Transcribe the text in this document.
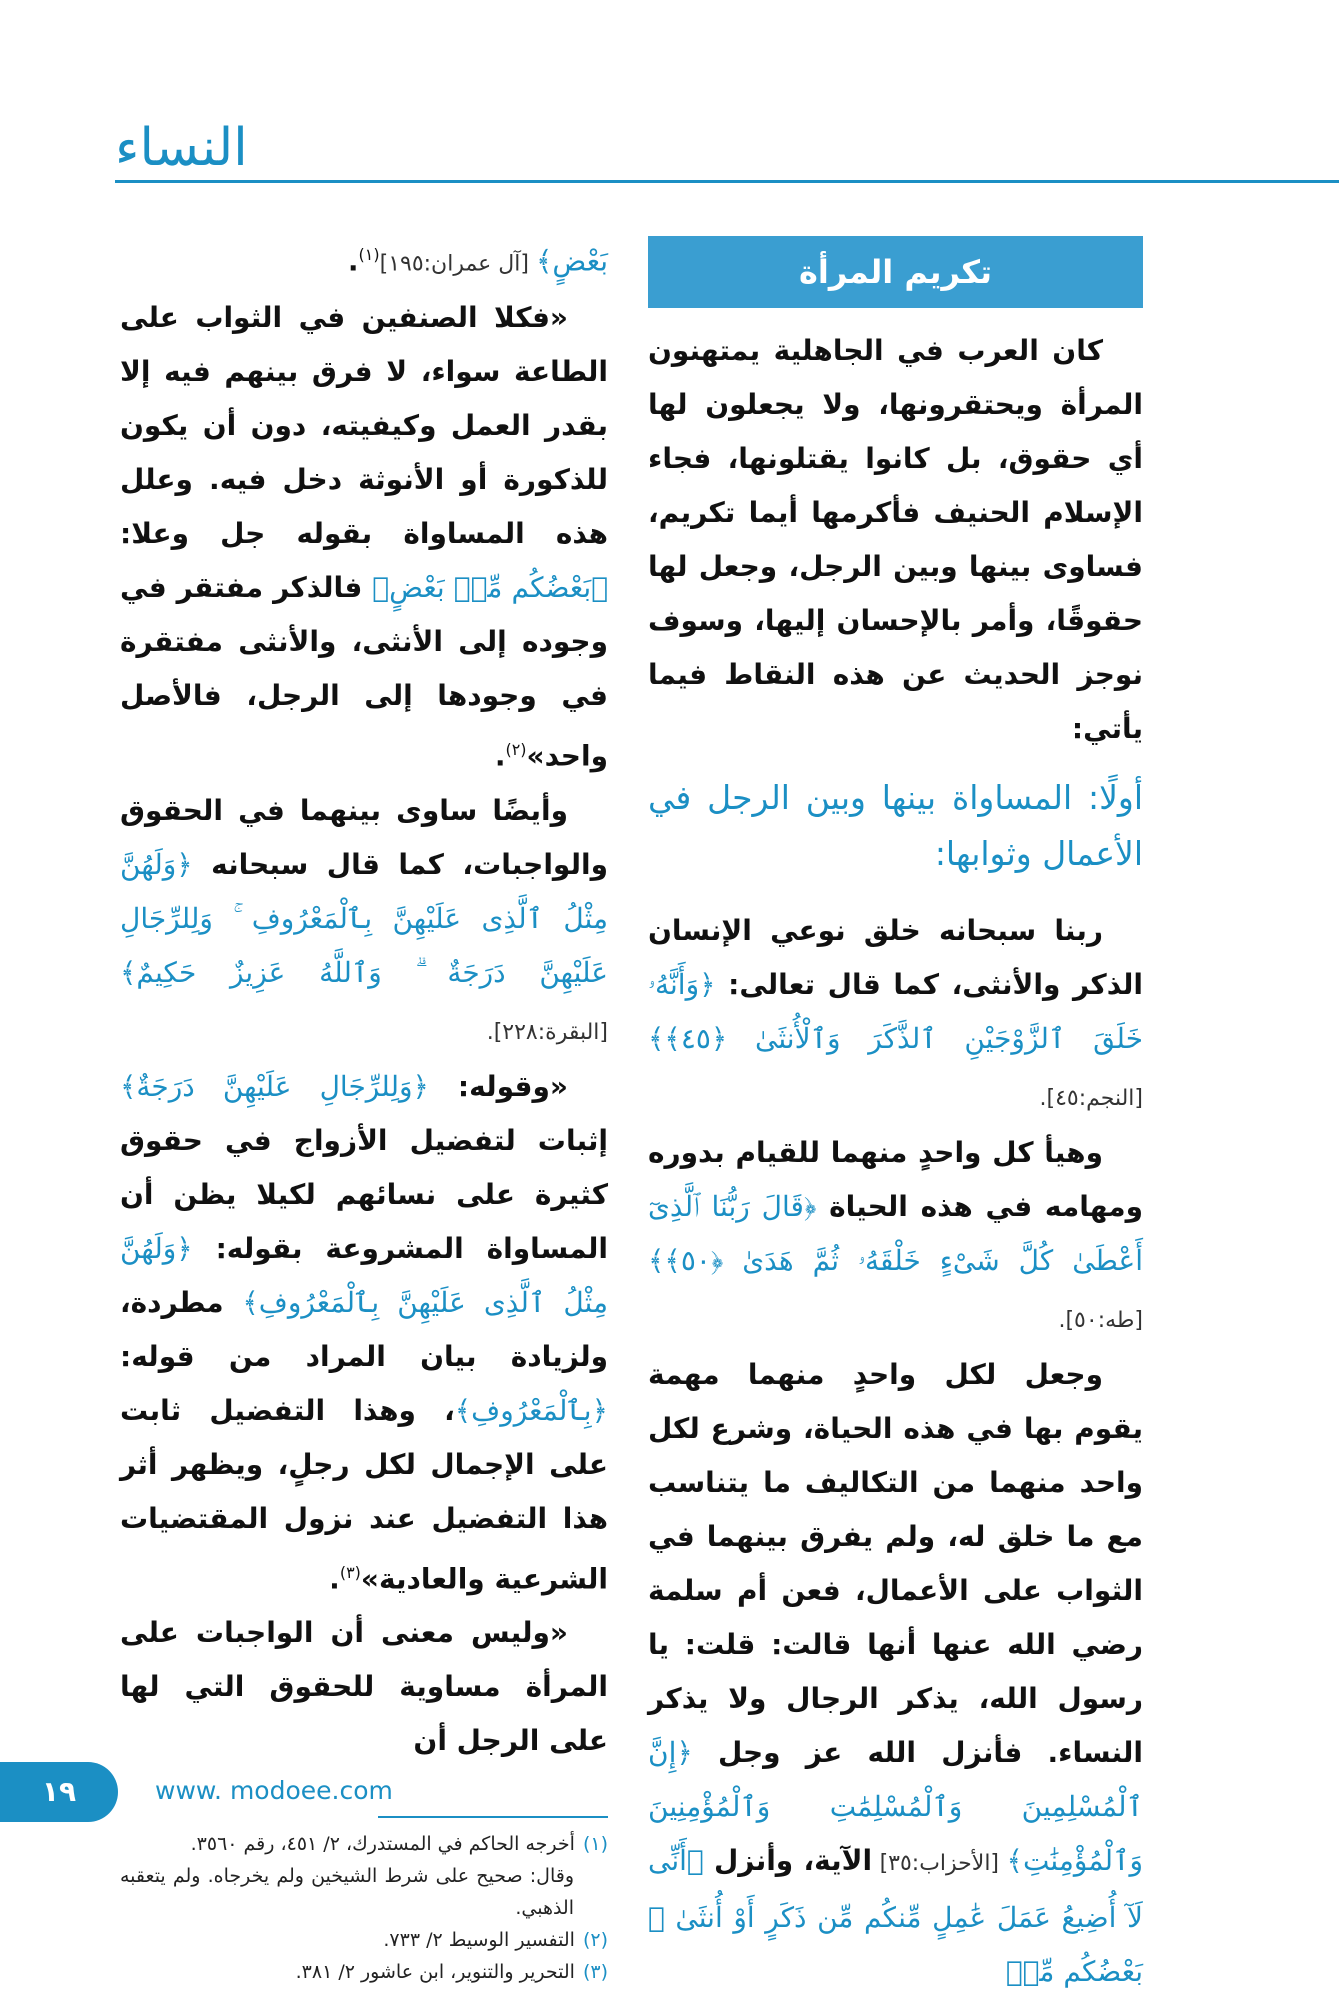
النساء
تكريم المرأة

كان العرب في الجاهلية يمتهنون المرأة ويحتقرونها، ولا يجعلون لها أي حقوق، بل كانوا يقتلونها، فجاء الإسلام الحنيف فأكرمها أيما تكريم، فساوى بينها وبين الرجل، وجعل لها حقوقًا، وأمر بالإحسان إليها، وسوف نوجز الحديث عن هذه النقاط فيما يأتي:

أولًا: المساواة بينها وبين الرجل في الأعمال وثوابها:

ربنا سبحانه خلق نوعي الإنسان الذكر والأنثى، كما قال تعالى: ﴿وَأَنَّهُۥ خَلَقَ ٱلزَّوْجَيْنِ ٱلذَّكَرَ وَٱلْأُنثَىٰ ﴿٤٥﴾﴾ [النجم:٤٥].

وهيأ كل واحدٍ منهما للقيام بدوره ومهامه في هذه الحياة ﴿قَالَ رَبُّنَا ٱلَّذِىٓ أَعْطَىٰ كُلَّ شَىْءٍ خَلْقَهُۥ ثُمَّ هَدَىٰ ﴿٥٠﴾﴾ [طه:٥٠].

وجعل لكل واحدٍ منهما مهمة يقوم بها في هذه الحياة، وشرع لكل واحد منهما من التكاليف ما يتناسب مع ما خلق له، ولم يفرق بينهما في الثواب على الأعمال، فعن أم سلمة رضي الله عنها أنها قالت: قلت: يا رسول الله، يذكر الرجال ولا يذكر النساء. فأنزل الله عز وجل ﴿إِنَّ ٱلْمُسْلِمِينَ وَٱلْمُسْلِمَٰتِ وَٱلْمُؤْمِنِينَ وَٱلْمُؤْمِنَٰتِ﴾ [الأحزاب:٣٥] الآية، وأنزل ﴿أَنِّى لَآ أُضِيعُ عَمَلَ عَٰمِلٍ مِّنكُم مِّن ذَكَرٍ أَوْ أُنثَىٰ ۖ بَعْضُكُم مِّنۢ

بَعْضٍ﴾ [آل عمران:١٩٥]$^{(١)}$.

«فكلا الصنفين في الثواب على الطاعة سواء، لا فرق بينهم فيه إلا بقدر العمل وكيفيته، دون أن يكون للذكورة أو الأنوثة دخل فيه. وعلل هذه المساواة بقوله جل وعلا: ﴿بَعْضُكُم مِّنۢ بَعْضٍ﴾ فالذكر مفتقر في وجوده إلى الأنثى، والأنثى مفتقرة في وجودها إلى الرجل، فالأصل واحد»$^{(٢)}$.

وأيضًا ساوى بينهما في الحقوق والواجبات، كما قال سبحانه ﴿وَلَهُنَّ مِثْلُ ٱلَّذِى عَلَيْهِنَّ بِٱلْمَعْرُوفِ ۚ وَلِلرِّجَالِ عَلَيْهِنَّ دَرَجَةٌ ۗ وَٱللَّهُ عَزِيزٌ حَكِيمٌ﴾ [البقرة:٢٢٨].

«وقوله: ﴿وَلِلرِّجَالِ عَلَيْهِنَّ دَرَجَةٌ﴾ إثبات لتفضيل الأزواج في حقوق كثيرة على نسائهم لكيلا يظن أن المساواة المشروعة بقوله: ﴿وَلَهُنَّ مِثْلُ ٱلَّذِى عَلَيْهِنَّ بِٱلْمَعْرُوفِ﴾ مطردة، ولزيادة بيان المراد من قوله: ﴿بِٱلْمَعْرُوفِ﴾، وهذا التفضيل ثابت على الإجمال لكل رجلٍ، ويظهر أثر هذا التفضيل عند نزول المقتضيات الشرعية والعادية»$^{(٣)}$.

«وليس معنى أن الواجبات على المرأة مساوية للحقوق التي لها على الرجل أن

(١)أخرجه الحاكم في المستدرك، ٢/ ٤٥١، رقم ٣٥٦٠.
وقال: صحيح على شرط الشيخين ولم يخرجاه. ولم يتعقبه الذهبي.
(٢)التفسير الوسيط ٢/ ٧٣٣.
(٣)التحرير والتنوير، ابن عاشور ٢/ ٣٨١.
١٩	www. modoee.com
